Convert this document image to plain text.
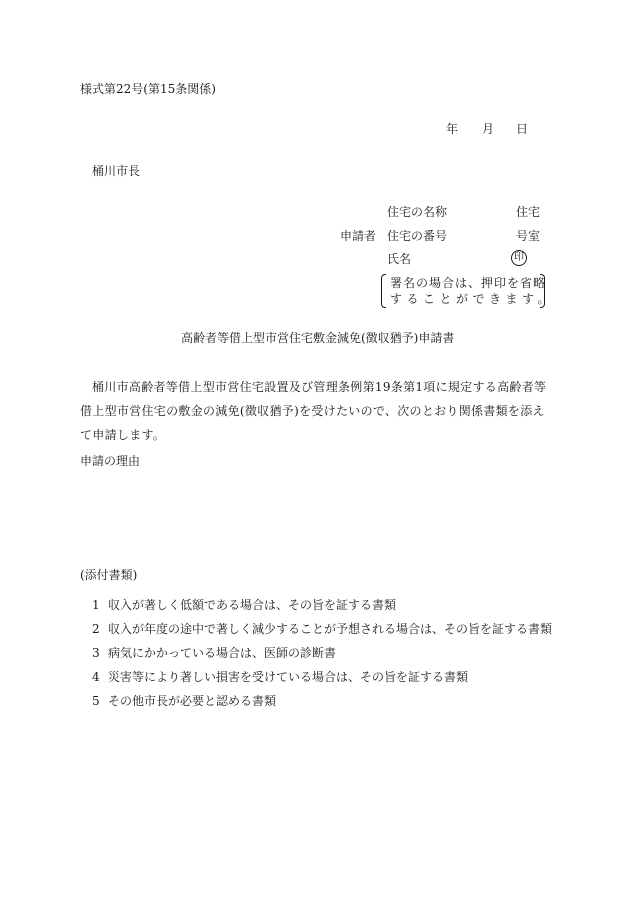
様式第22号(第15条関係)
年 月 日
桶川市長
住宅の名称	住宅
申請者 住宅の番号	号室
氏名	印
署名の場合は、押印を省略
することができます。
高齢者等借上型市営住宅敷金減免(徴収猶予)申請書
桶川市高齢者等借上型市営住宅設置及び管理条例第19条第1項に規定する高齢者等借上型市営住宅の敷金の減免(徴収猶予)を受けたいので、次のとおり関係書類を添えて申請します。
申請の理由
(添付書類)
1 収入が著しく低額である場合は、その旨を証する書類
2 収入が年度の途中で著しく減少することが予想される場合は、その旨を証する書類
3 病気にかかっている場合は、医師の診断書
4 災害等により著しい損害を受けている場合は、その旨を証する書類
5 その他市長が必要と認める書類
